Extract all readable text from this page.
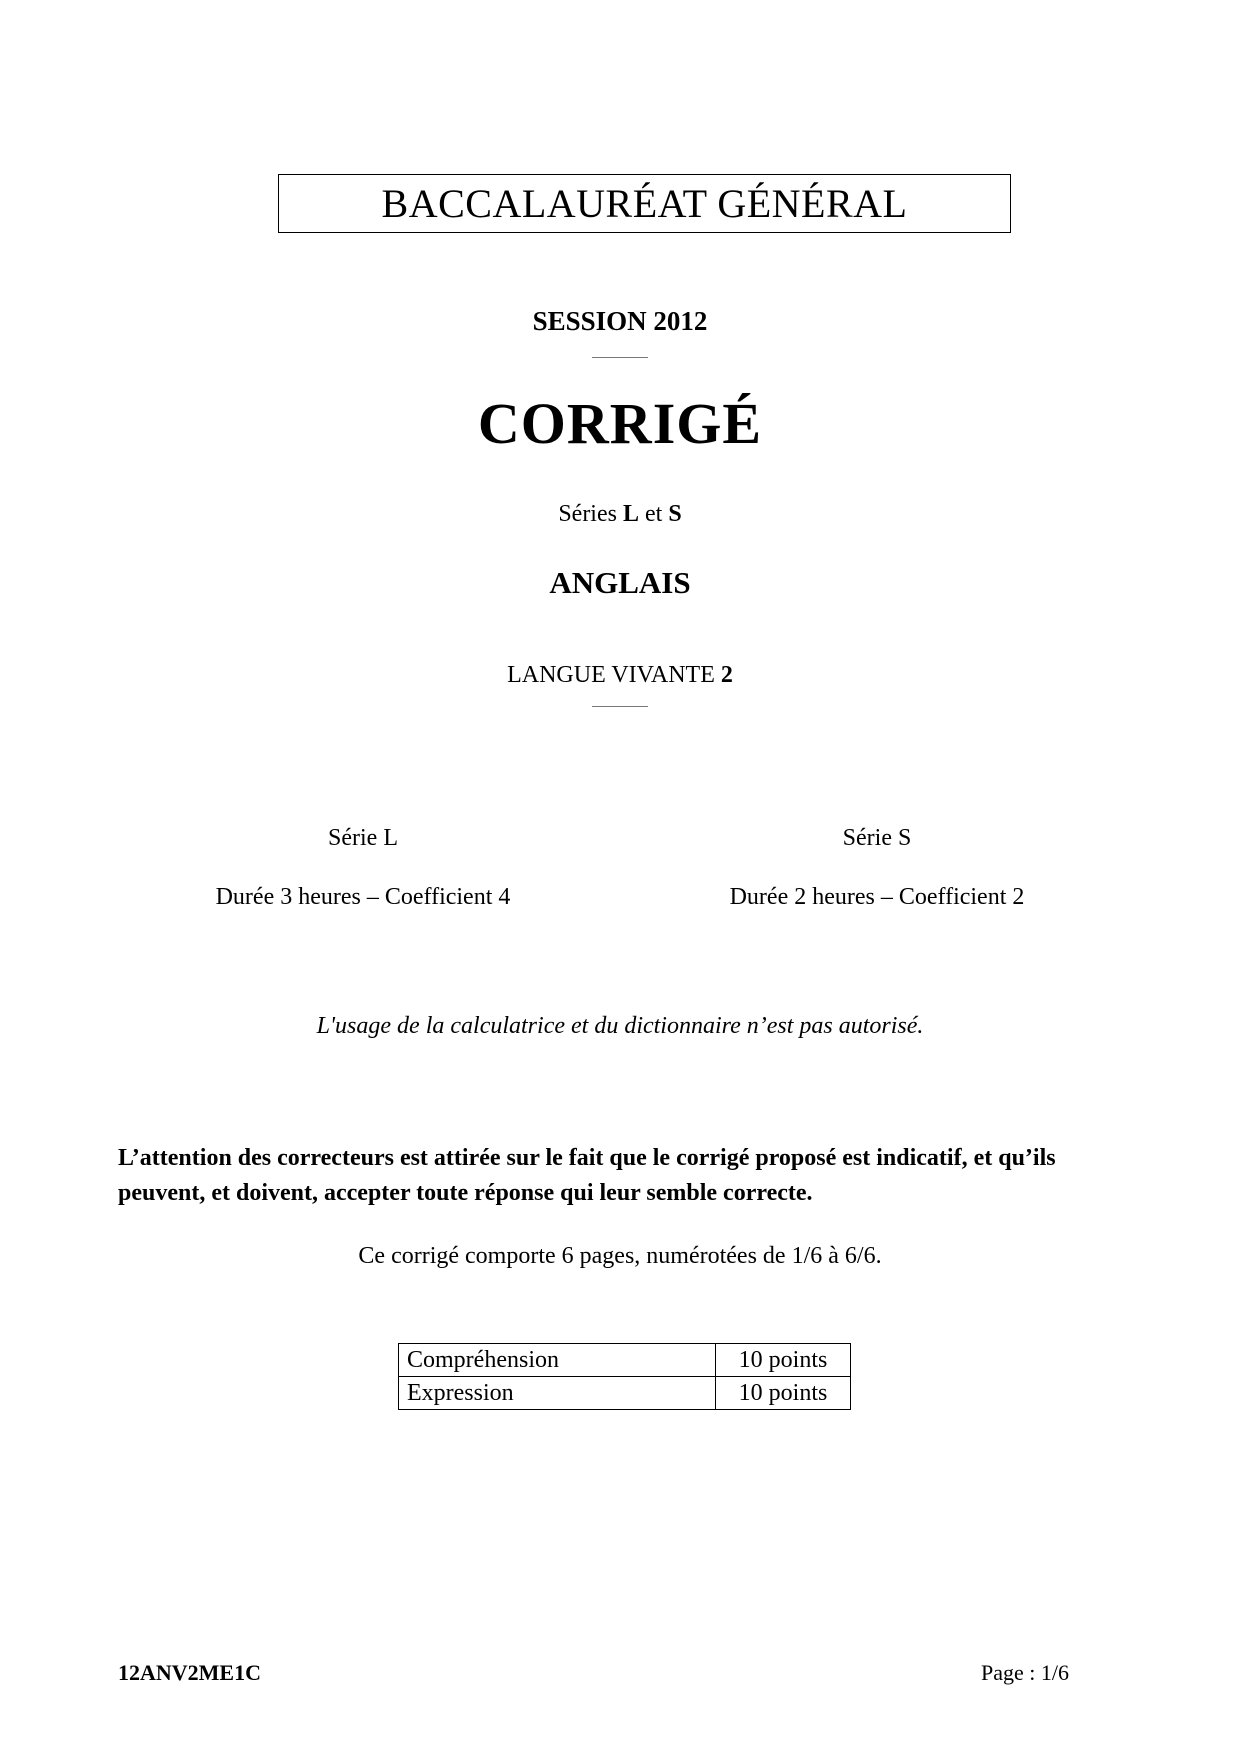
BACCALAURÉAT GÉNÉRAL
SESSION 2012
CORRIGÉ
Séries L et S
ANGLAIS
LANGUE VIVANTE 2
Série L
Durée 3 heures – Coefficient 4
Série S
Durée 2 heures – Coefficient 2
L'usage de la calculatrice et du dictionnaire n’est pas autorisé.
L’attention des correcteurs est attirée sur le fait que le corrigé proposé est indicatif, et qu’ils
peuvent, et doivent, accepter toute réponse qui leur semble correcte.
Ce corrigé comporte 6 pages, numérotées de 1/6 à 6/6.
Compréhension	10 points
Expression	10 points
12ANV2ME1C	Page : 1/6
